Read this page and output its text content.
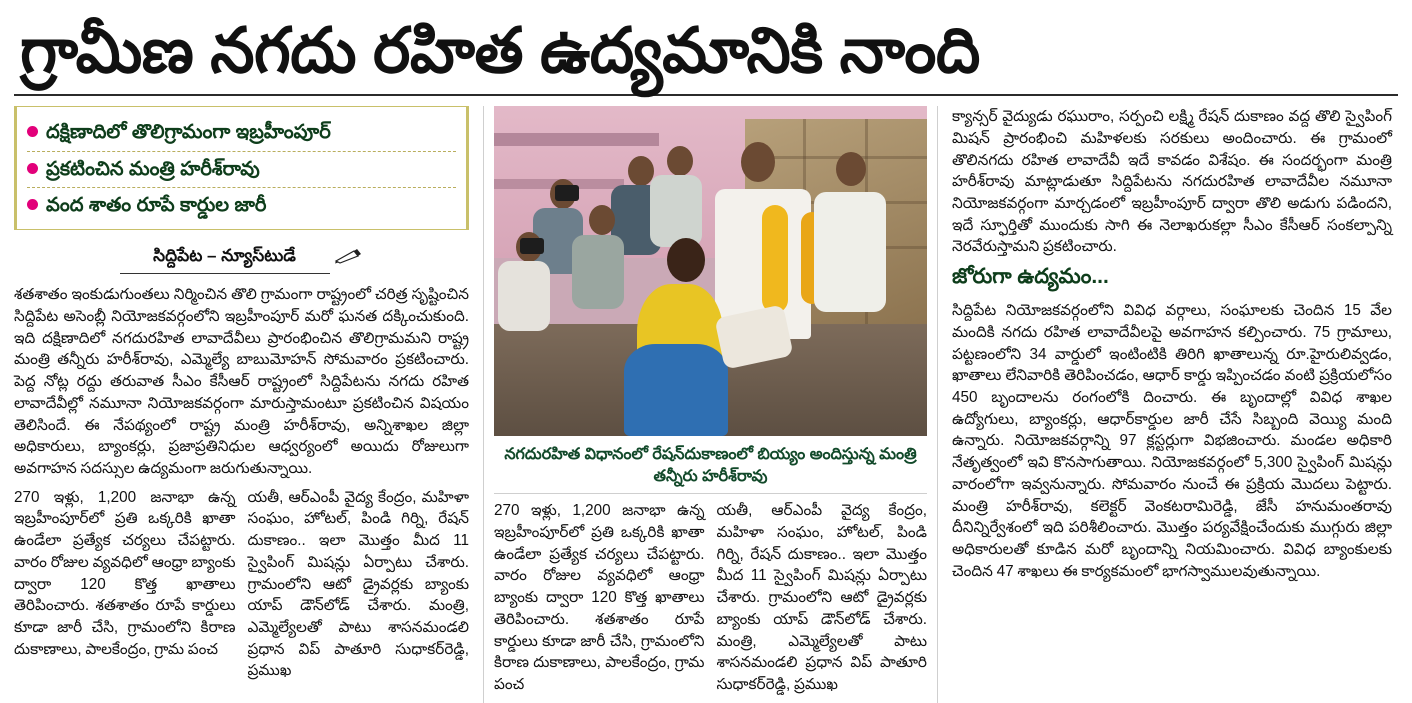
గ్రామీణ నగదు రహిత ఉద్యమానికి నాంది
దక్షిణాదిలో తొలిగ్రామంగా ఇబ్రహీంపూర్
ప్రకటించిన మంత్రి హరీశ్‌రావు
వంద శాతం రూపే కార్డుల జారీ
సిద్దిపేట – న్యూస్‌టుడే

శతశాతం ఇంకుడుగుంతలు నిర్మించిన తొలి గ్రామంగా రాష్ట్రంలో చరిత్ర సృష్టించిన సిద్దిపేట అసెంబ్లీ నియోజకవర్గంలోని ఇబ్రహీంపూర్ మరో ఘనత దక్కించుకుంది. ఇది దక్షిణాదిలో నగదురహిత లావాదేవీలు ప్రారంభించిన తొలిగ్రామమని రాష్ట్ర మంత్రి తన్నీరు హరీశ్‌రావు, ఎమ్మెల్యే బాబుమోహన్ సోమవారం ప్రకటించారు. పెద్ద నోట్ల రద్దు తరువాత సీఎం కేసీఆర్ రాష్ట్రంలో సిద్దిపేటను నగదు రహిత లావాదేవీల్లో నమూనా నియోజకవర్గంగా మారుస్తామంటూ ప్రకటించిన విషయం తెలిసిందే. ఈ నేపథ్యంలో రాష్ట్ర మంత్రి హరీశ్‌రావు, అన్నిశాఖల జిల్లా అధికారులు, బ్యాంకర్లు, ప్రజాప్రతినిధుల ఆధ్వర్యంలో అయిదు రోజులుగా అవగాహన సదస్సుల ఉద్యమంగా జరుగుతున్నాయి.

270 ఇళ్లు, 1,200 జనాభా ఉన్న ఇబ్రహీంపూర్‌లో ప్రతి ఒక్కరికి ఖాతా ఉండేలా ప్రత్యేక చర్యలు చేపట్టారు. వారం రోజుల వ్యవధిలో ఆంధ్రా బ్యాంకు ద్వారా 120 కొత్త ఖాతాలు తెరిపించారు. శతశాతం రూపే కార్డులు కూడా జారీ చేసి, గ్రామంలోని కిరాణ దుకాణాలు, పాలకేంద్రం, గ్రామ పంచ

యతీ, ఆర్ఎంపీ వైద్య కేంద్రం, మహిళా సంఘం, హోటల్, పిండి గిర్ని, రేషన్‌ దుకాణం.. ఇలా మొత్తం మీద 11 స్వైపింగ్ మిషన్లు ఏర్పాటు చేశారు. గ్రామంలోని ఆటో డ్రైవర్లకు బ్యాంకు యాప్ డౌన్‌లోడ్ చేశారు. మంత్రి, ఎమ్మెల్యేలతో పాటు శాసనమండలి ప్రధాన విప్ పాతూరి సుధాకర్‌రెడ్డి, ప్రముఖ

నగదురహిత విధానంలో రేషన్‌దుకాణంలో బియ్యం అందిస్తున్న మంత్రి తన్నీరు హరీశ్‌రావు

270 ఇళ్లు, 1,200 జనాభా ఉన్న ఇబ్రహీంపూర్‌లో ప్రతి ఒక్కరికి ఖాతా ఉండేలా ప్రత్యేక చర్యలు చేపట్టారు. వారం రోజుల వ్యవధిలో ఆంధ్రా బ్యాంకు ద్వారా 120 కొత్త ఖాతాలు తెరిపించారు. శతశాతం రూపే కార్డులు కూడా జారీ చేసి, గ్రామంలోని కిరాణ దుకాణాలు, పాలకేంద్రం, గ్రామ పంచ

యతీ, ఆర్ఎంపీ వైద్య కేంద్రం, మహిళా సంఘం, హోటల్, పిండి గిర్ని, రేషన్‌ దుకాణం.. ఇలా మొత్తం మీద 11 స్వైపింగ్ మిషన్లు ఏర్పాటు చేశారు. గ్రామంలోని ఆటో డ్రైవర్లకు బ్యాంకు యాప్ డౌన్‌లోడ్ చేశారు. మంత్రి, ఎమ్మెల్యేలతో పాటు శాసనమండలి ప్రధాన విప్ పాతూరి సుధాకర్‌రెడ్డి, ప్రముఖ

క్యాన్సర్ వైద్యుడు రఘురాం, సర్పంచి లక్ష్మి రేషన్ దుకాణం వద్ద తొలి స్వైపింగ్ మిషన్ ప్రారంభించి మహిళలకు సరకులు అందించారు. ఈ గ్రామంలో తొలినగదు రహిత లావాదేవీ ఇదే కావడం విశేషం. ఈ సందర్భంగా మంత్రి హరీశ్‌రావు మాట్లాడుతూ సిద్దిపేటను నగదురహిత లావాదేవీల నమూనా నియోజకవర్గంగా మార్చడంలో ఇబ్రహీంపూర్ ద్వారా తొలి అడుగు పడిందని, ఇదే స్ఫూర్తితో ముందుకు సాగి ఈ నెలాఖరుకల్లా సీఎం కేసీఆర్ సంకల్పాన్ని నెరవేరుస్తామని ప్రకటించారు.

జోరుగా ఉద్యమం...

సిద్దిపేట నియోజకవర్గంలోని వివిధ వర్గాలు, సంఘాలకు చెందిన 15 వేల మందికి నగదు రహిత లావాదేవీలపై అవగాహన కల్పించారు. 75 గ్రామాలు, పట్టణంలోని 34 వార్డులో ఇంటింటికి తిరిగి ఖాతాలున్న రూ.హైరులివ్వడం, ఖాతాలు లేనివారికి తెరిపించడం, ఆధార్ కార్డు ఇప్పించడం వంటి ప్రక్రియలోసం 450 బృందాలను రంగంలోకి దించారు. ఈ బృందాల్లో వివిధ శాఖల ఉద్యోగులు, బ్యాంకర్లు, ఆధార్‌కార్డుల జారీ చేసే సిబ్బంది వెయ్యి మంది ఉన్నారు. నియోజకవర్గాన్ని 97 క్లస్టర్లుగా విభజించారు. మండల అధికారి నేతృత్వంలో ఇవి కొనసాగుతాయి. నియోజకవర్గంలో 5,300 స్వైపింగ్ మిషన్లు వారంలోగా ఇవ్వనున్నారు. సోమవారం నుంచే ఈ ప్రక్రియ మొదలు పెట్టారు. మంత్రి హరీశ్‌రావు, కలెక్టర్ వెంకటరామిరెడ్డి, జేసీ హనుమంతరావు దీనిన్నిర్వేశంలో ఇది పరిశీలించారు. మొత్తం పర్యవేక్షించేందుకు ముగ్గురు జిల్లా అధికారులతో కూడిన మరో బృందాన్ని నియమించారు. వివిధ బ్యాంకులకు చెందిన 47 శాఖలు ఈ కార్యకమంలో భాగస్వాములవుతున్నాయి.
